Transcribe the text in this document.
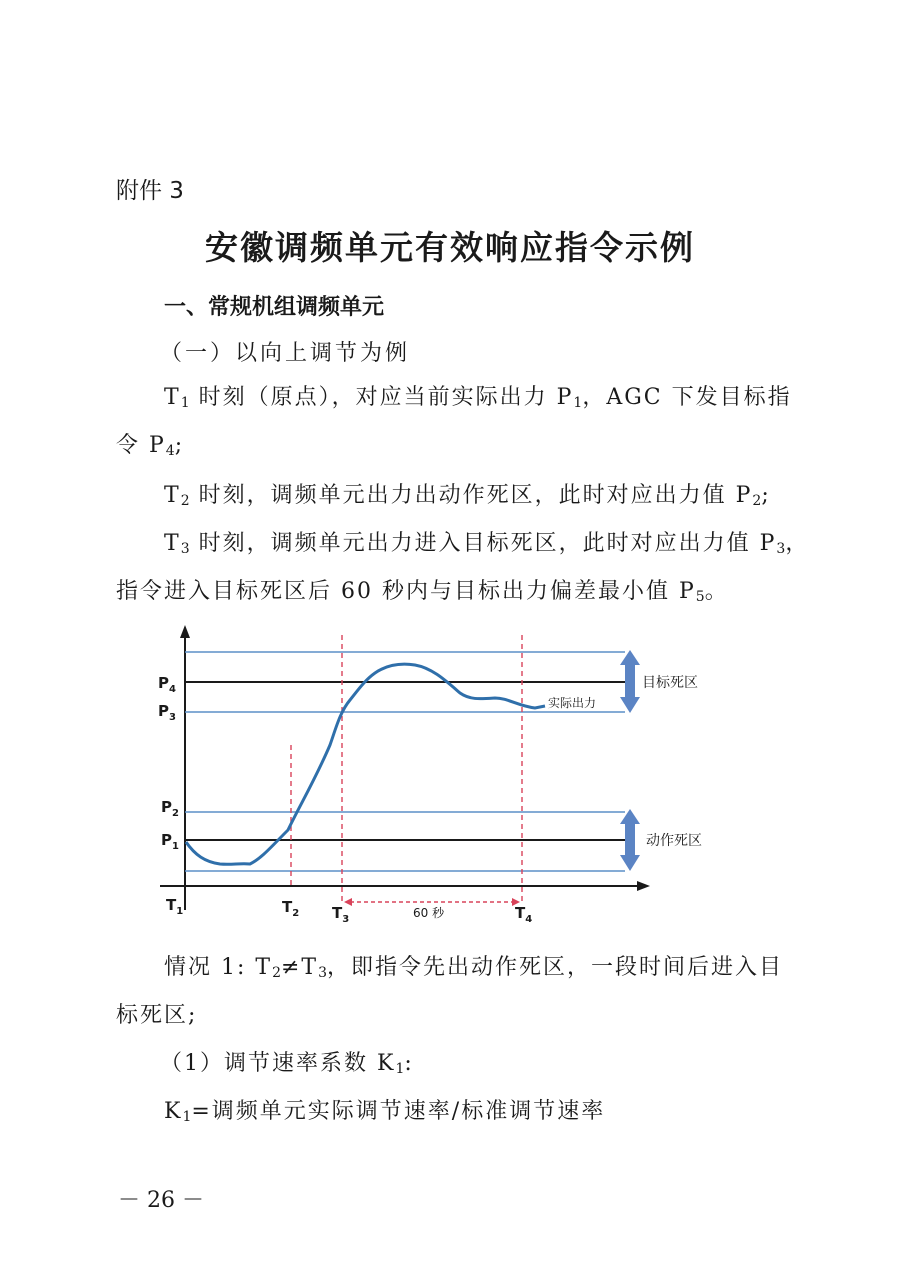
附件 3
安徽调频单元有效响应指令示例
一、常规机组调频单元
（一）以向上调节为例
$T_1$ 时刻（原点），对应当前实际出力 $P_1$，AGC 下发目标指
令 $P_4$;
$T_2$ 时刻，调频单元出力出动作死区，此时对应出力值 $P_2$;
$T_3$ 时刻，调频单元出力进入目标死区，此时对应出力值 $P_3$，
指令进入目标死区后 60 秒内与目标出力偏差最小值 $P_5$。
$P_4$
$P_3$
$P_2$
$P_1$
$T_1$	$T_2$ $T_3$	$T_4$
60 秒
实际出力
目标死区
动作死区
情况 1: $T_2\ne T_3$，即指令先出动作死区，一段时间后进入目
标死区;
（1）调节速率系数 $K_1$:
$K_1=$调频单元实际调节速率/标准调节速率
－ 26 －
